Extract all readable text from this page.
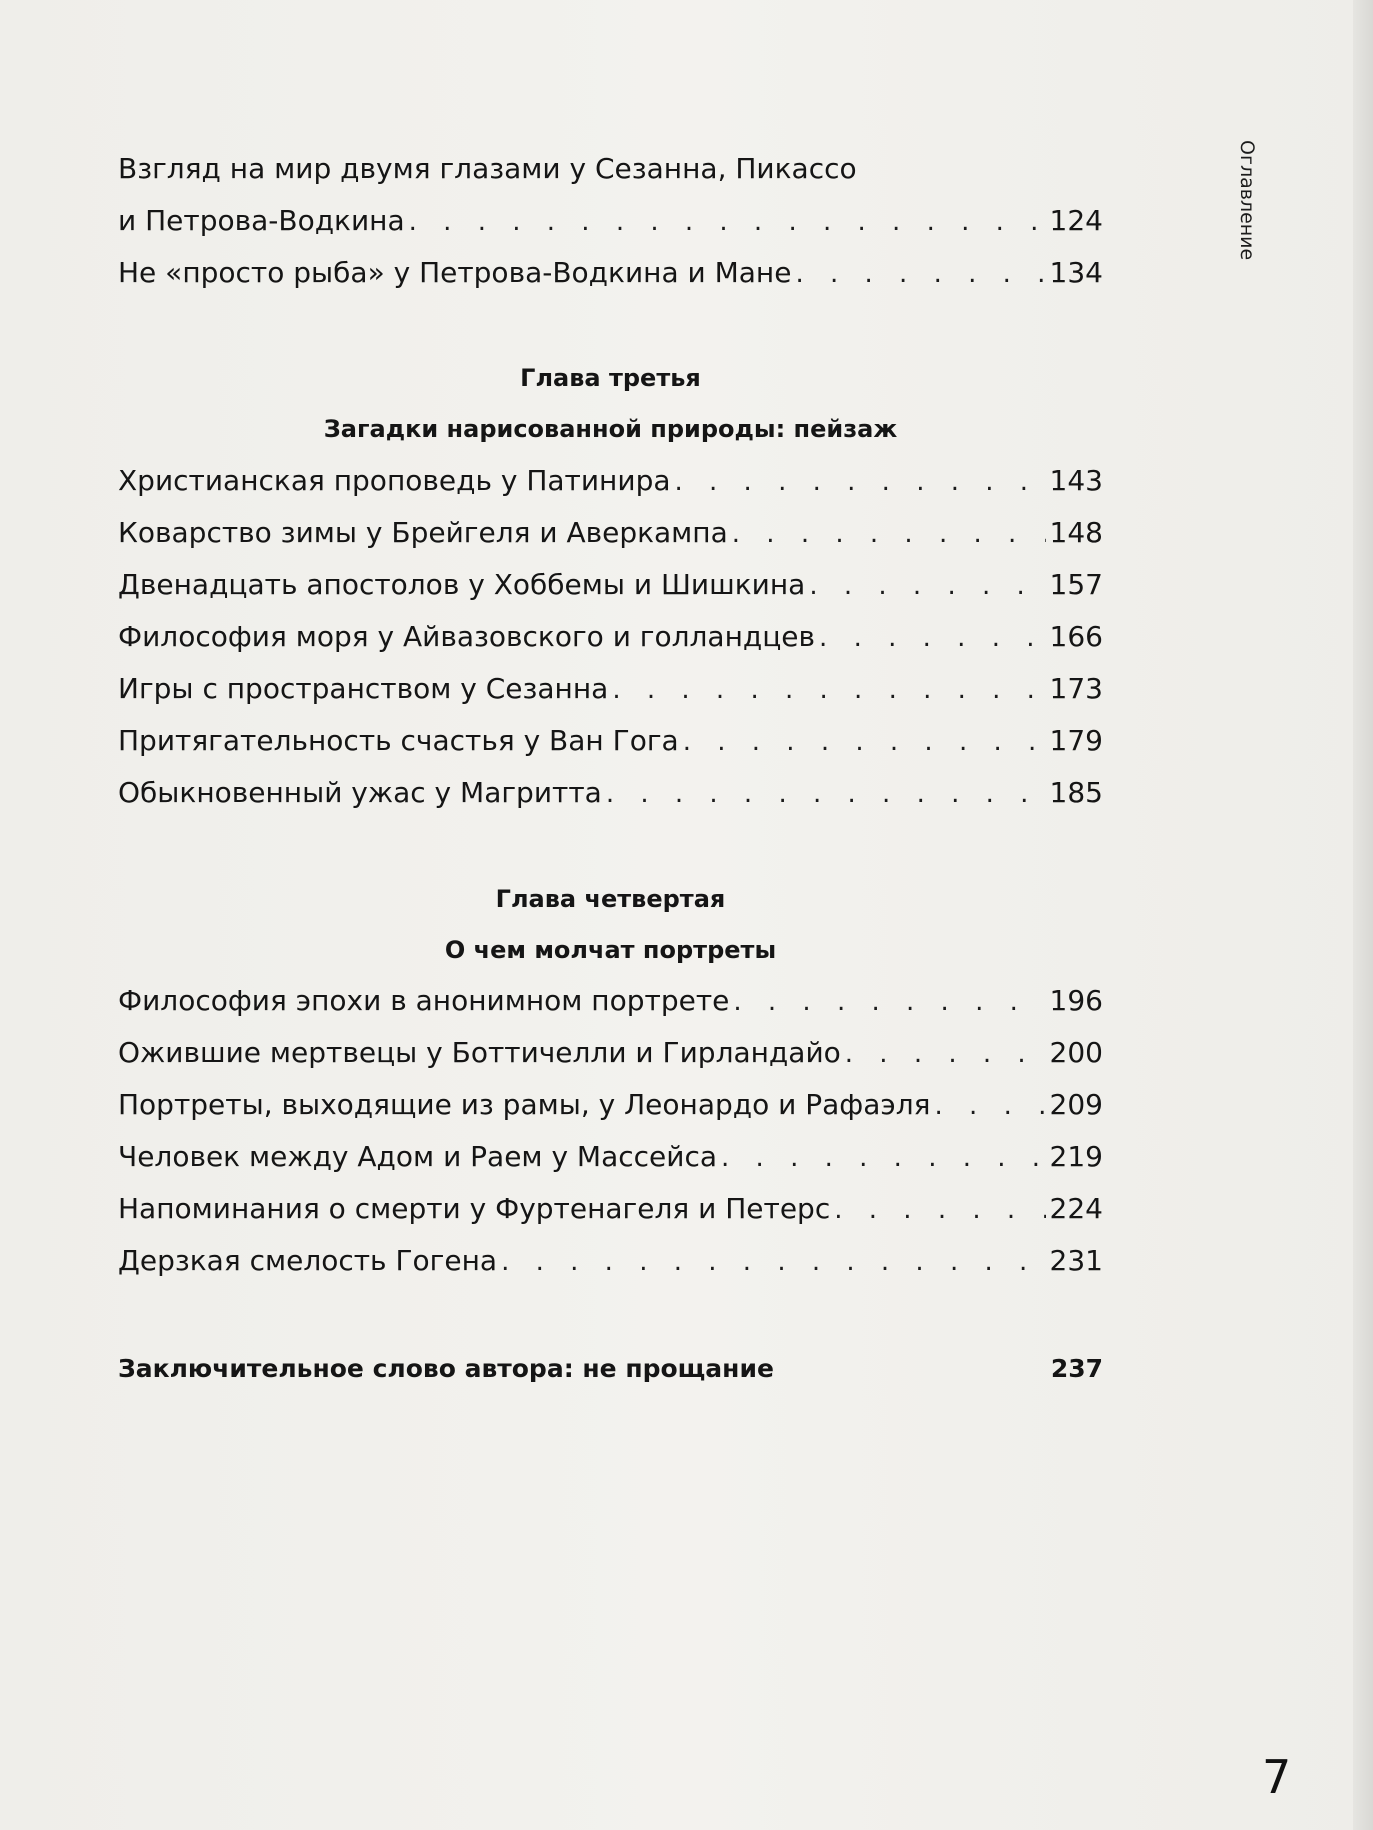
Оглавление
Взгляд на мир двумя глазами у Сезанна, Пикассо
и Петрова-Водкина . . .	124
Не «просто рыба» у Петрова-Водкина и Мане . . .	134
Глава третья
Загадки нарисованной природы: пейзаж
Христианская проповедь у Патинира . . .	143
Коварство зимы у Брейгеля и Аверкампа . . .	148
Двенадцать апостолов у Хоббемы и Шишкина . . .	157
Философия моря у Айвазовского и голландцев . . .	166
Игры с пространством у Сезанна . . .	173
Притягательность счастья у Ван Гога . . .	179
Обыкновенный ужас у Магритта . . .	185
Глава четвертая
О чем молчат портреты
Философия эпохи в анонимном портрете . . .	196
Ожившие мертвецы у Боттичелли и Гирландайо . . .	200
Портреты, выходящие из рамы, у Леонардо и Рафаэля . . .	209
Человек между Адом и Раем у Массейса . . .	219
Напоминания о смерти у Фуртенагеля и Петерс . . .	224
Дерзкая смелость Гогена . . .	231
Заключительное слово автора: не прощание	237
7
